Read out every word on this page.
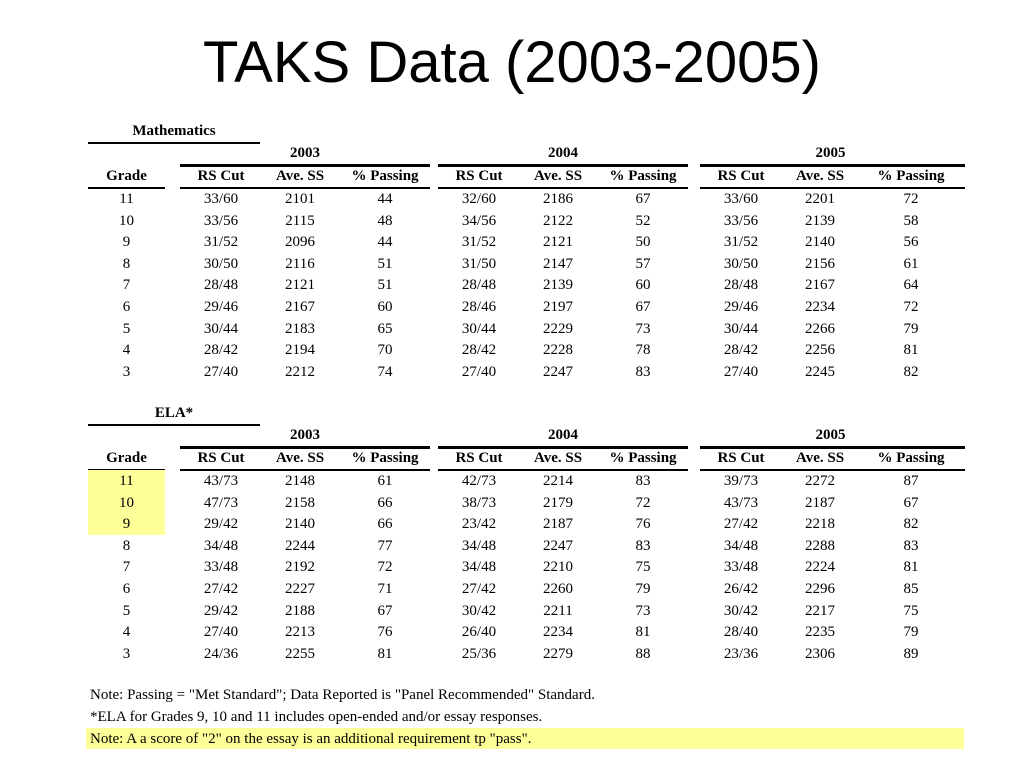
TAKS Data (2003-2005)
Mathematics
2003	2004	2005
Grade	RS Cut	Ave. SS	% Passing	RS Cut	Ave. SS	% Passing	RS Cut	Ave. SS	% Passing
11	33/60	2101	44	32/60	2186	67	33/60	2201	72
10	33/56	2115	48	34/56	2122	52	33/56	2139	58
9	31/52	2096	44	31/52	2121	50	31/52	2140	56
8	30/50	2116	51	31/50	2147	57	30/50	2156	61
7	28/48	2121	51	28/48	2139	60	28/48	2167	64
6	29/46	2167	60	28/46	2197	67	29/46	2234	72
5	30/44	2183	65	30/44	2229	73	30/44	2266	79
4	28/42	2194	70	28/42	2228	78	28/42	2256	81
3	27/40	2212	74	27/40	2247	83	27/40	2245	82
ELA*
2003	2004	2005
Grade	RS Cut	Ave. SS	% Passing	RS Cut	Ave. SS	% Passing	RS Cut	Ave. SS	% Passing
11	43/73	2148	61	42/73	2214	83	39/73	2272	87
10	47/73	2158	66	38/73	2179	72	43/73	2187	67
9	29/42	2140	66	23/42	2187	76	27/42	2218	82
8	34/48	2244	77	34/48	2247	83	34/48	2288	83
7	33/48	2192	72	34/48	2210	75	33/48	2224	81
6	27/42	2227	71	27/42	2260	79	26/42	2296	85
5	29/42	2188	67	30/42	2211	73	30/42	2217	75
4	27/40	2213	76	26/40	2234	81	28/40	2235	79
3	24/36	2255	81	25/36	2279	88	23/36	2306	89
Note: Passing = "Met Standard"; Data Reported is "Panel Recommended" Standard.
*ELA for Grades 9, 10 and 11 includes open-ended and/or essay responses.
Note: A a score of "2" on the essay is an additional requirement tp "pass".
